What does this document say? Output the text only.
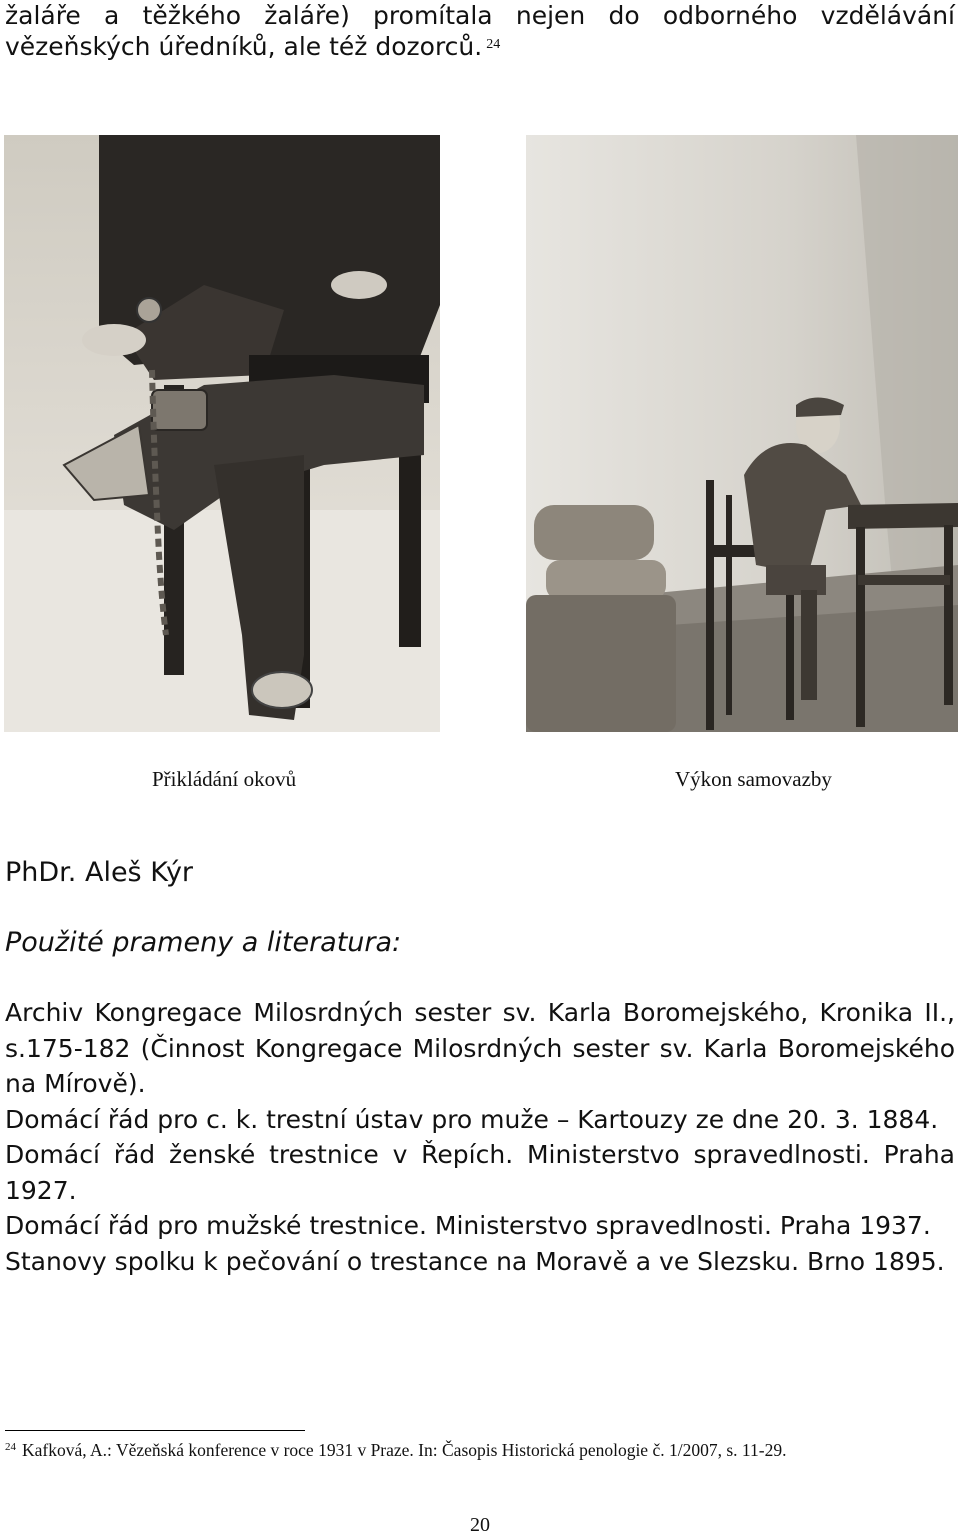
žaláře a těžkého žaláře) promítala nejen do odborného vzdělávání
vězeňských úředníků, ale též dozorců. $^{24}$
Přikládání okovů	Výkon samovazby
PhDr. Aleš Kýr
Použité prameny a literatura:

Archiv Kongregace Milosrdných sester sv. Karla Boromejského, Kronika II., s.175-182 (Činnost Kongregace Milosrdných sester sv. Karla Boromejského na Mírově).

Domácí řád pro c. k. trestní ústav pro muže – Kartouzy ze dne 20. 3. 1884.

Domácí řád ženské trestnice v Řepích. Ministerstvo spravedlnosti. Praha 1927.

Domácí řád pro mužské trestnice. Ministerstvo spravedlnosti. Praha 1937.

Stanovy spolku k pečování o trestance na Moravě a ve Slezsku. Brno 1895.

$^{24}$ Kafková, A.: Vězeňská konference v roce 1931 v Praze. In: Časopis Historická penologie č. 1/2007, s. 11-29.
20
